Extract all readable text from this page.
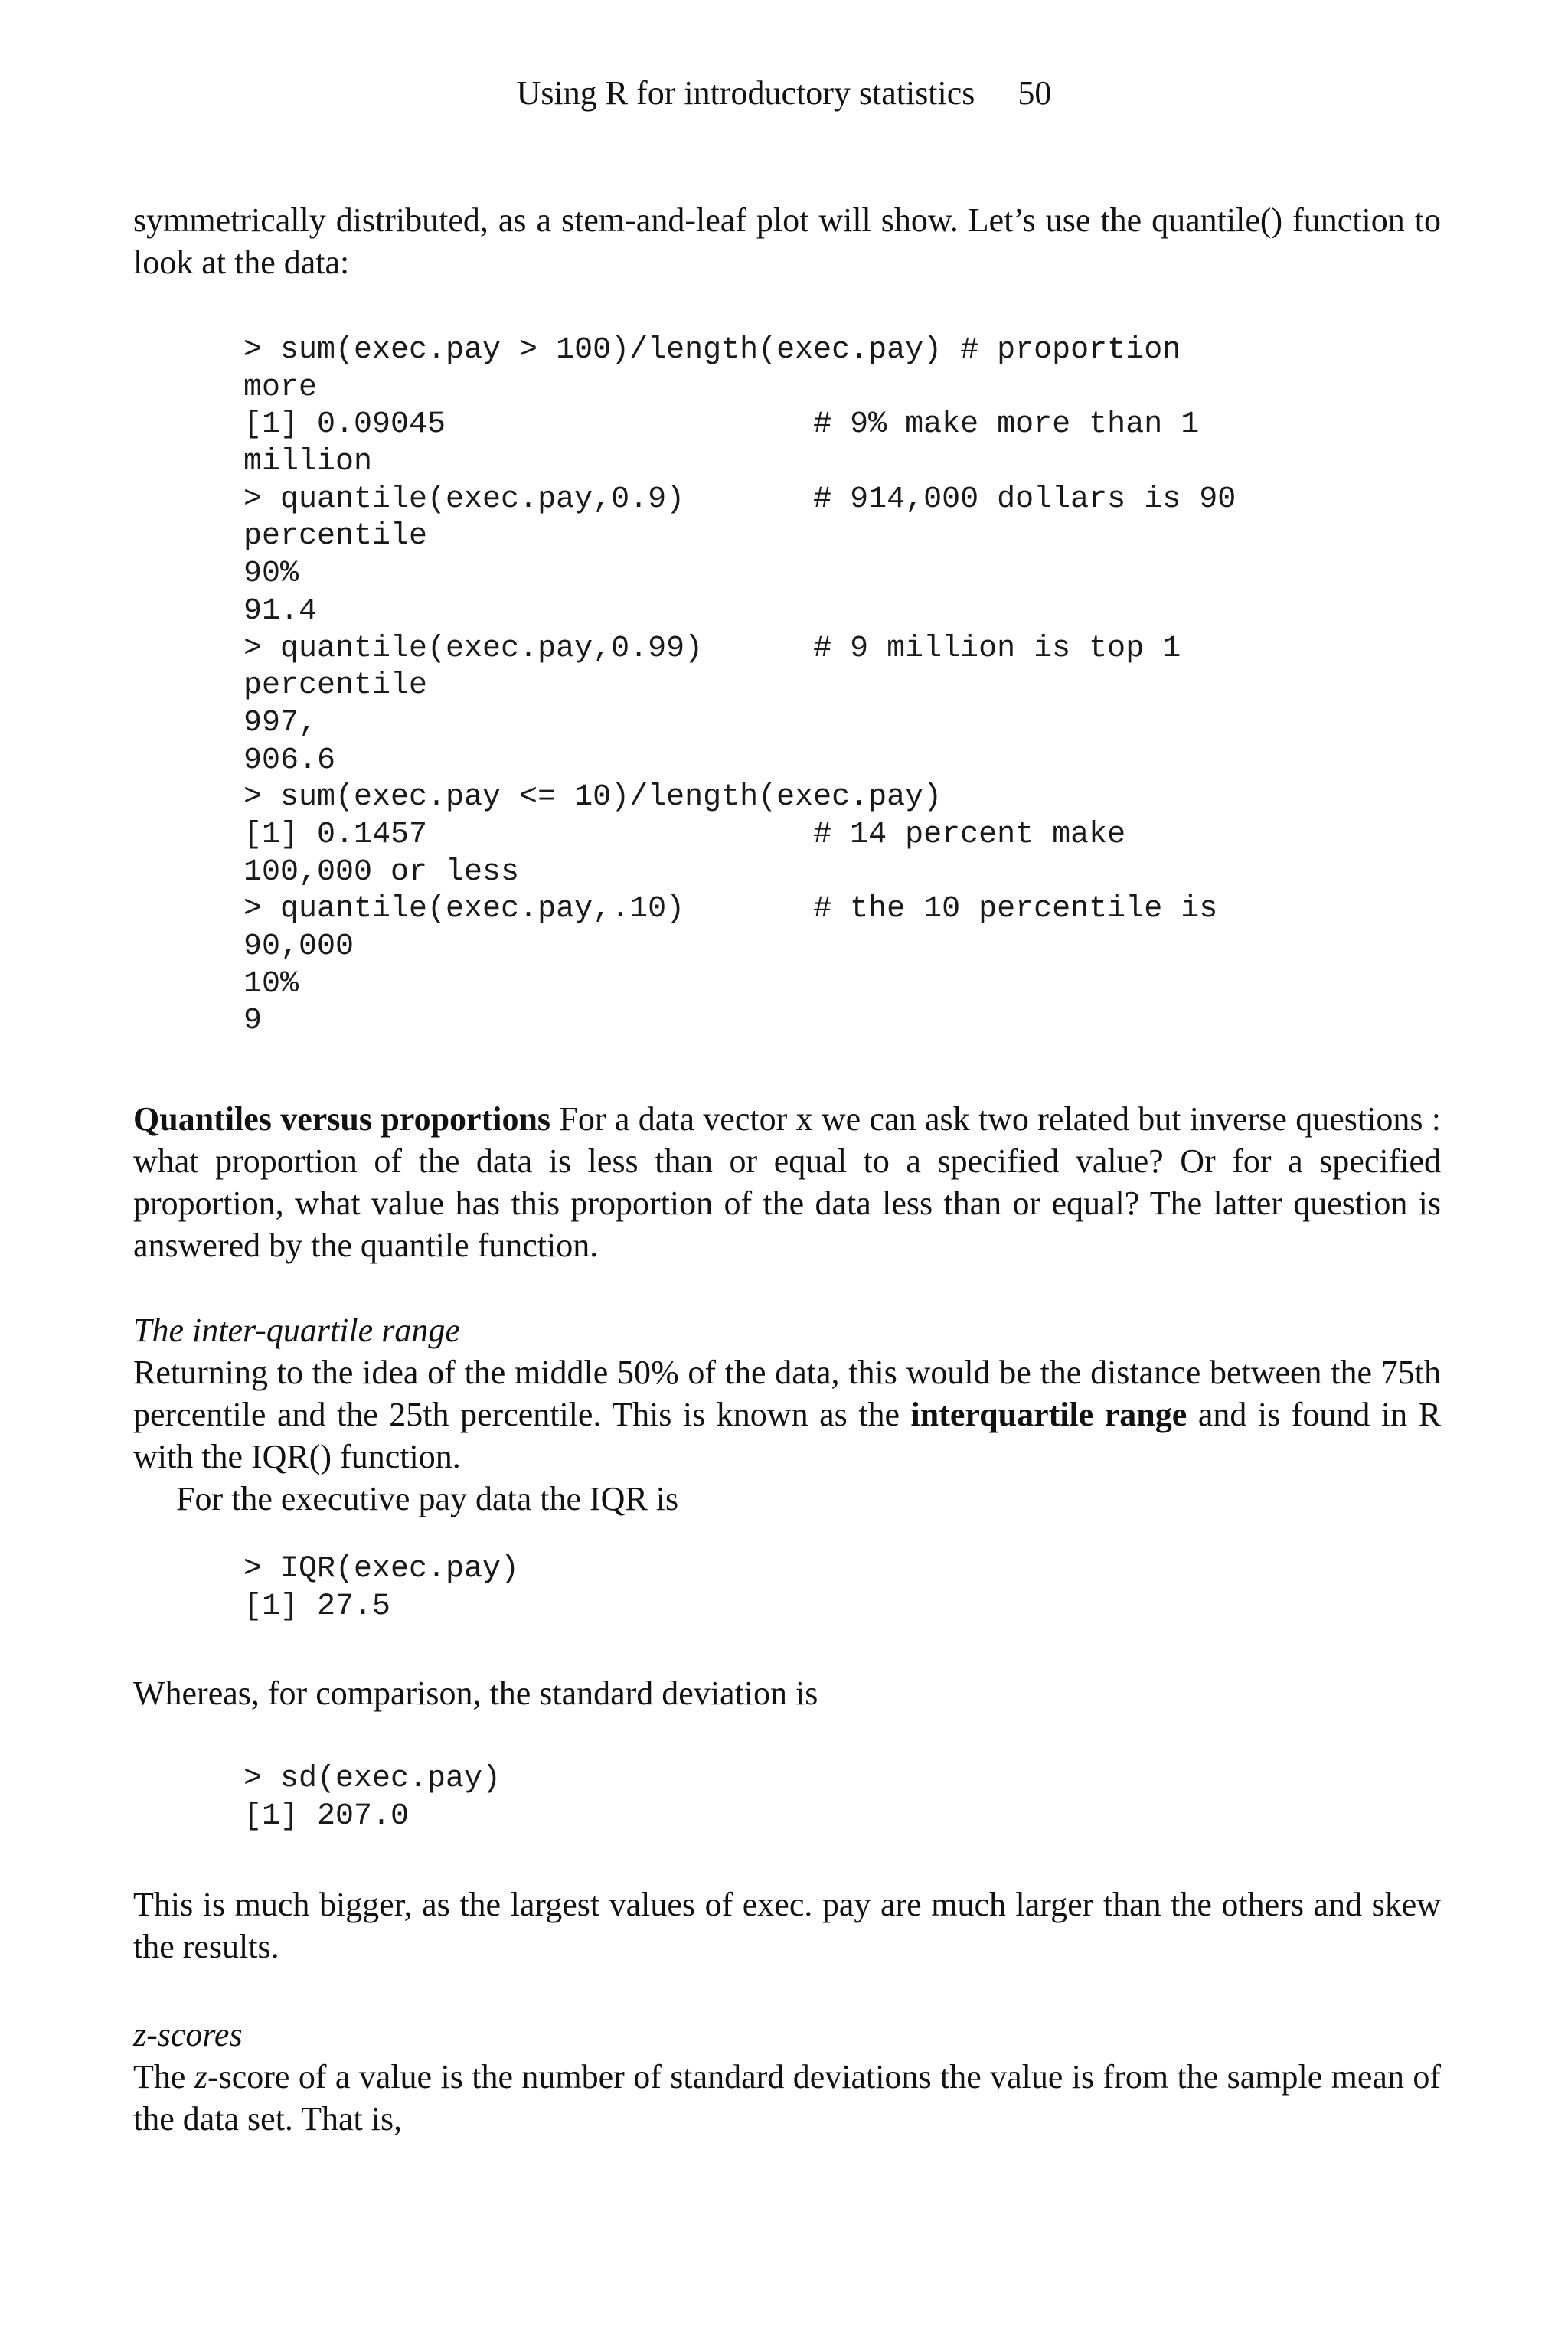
Using R for introductory statistics 50

symmetrically distributed, as a stem-and-leaf plot will show. Let’s use the quantile() function to look at the data:

> sum(exec.pay > 100)/length(exec.pay) # proportion
more
[1] 0.09045                    # 9% make more than 1
million
> quantile(exec.pay,0.9)       # 914,000 dollars is 90
percentile
90%
91.4
> quantile(exec.pay,0.99)      # 9 million is top 1
percentile
997,
906.6
> sum(exec.pay <= 10)/length(exec.pay)
[1] 0.1457                     # 14 percent make
100,000 or less
> quantile(exec.pay,.10)       # the 10 percentile is
90,000
10%
9

Quantiles versus proportions For a data vector x we can ask two related but inverse questions : what proportion of the data is less than or equal to a specified value? Or for a specified proportion, what value has this proportion of the data less than or equal? The latter question is answered by the quantile function.

The inter-quartile range

Returning to the idea of the middle 50% of the data, this would be the distance between the 75th percentile and the 25th percentile. This is known as the interquartile range and is found in R with the IQR() function.

For the executive pay data the IQR is

> IQR(exec.pay)
[1] 27.5

Whereas, for comparison, the standard deviation is

> sd(exec.pay)
[1] 207.0

This is much bigger, as the largest values of exec. pay are much larger than the others and skew the results.

z-scores

The z-score of a value is the number of standard deviations the value is from the sample mean of the data set. That is,
